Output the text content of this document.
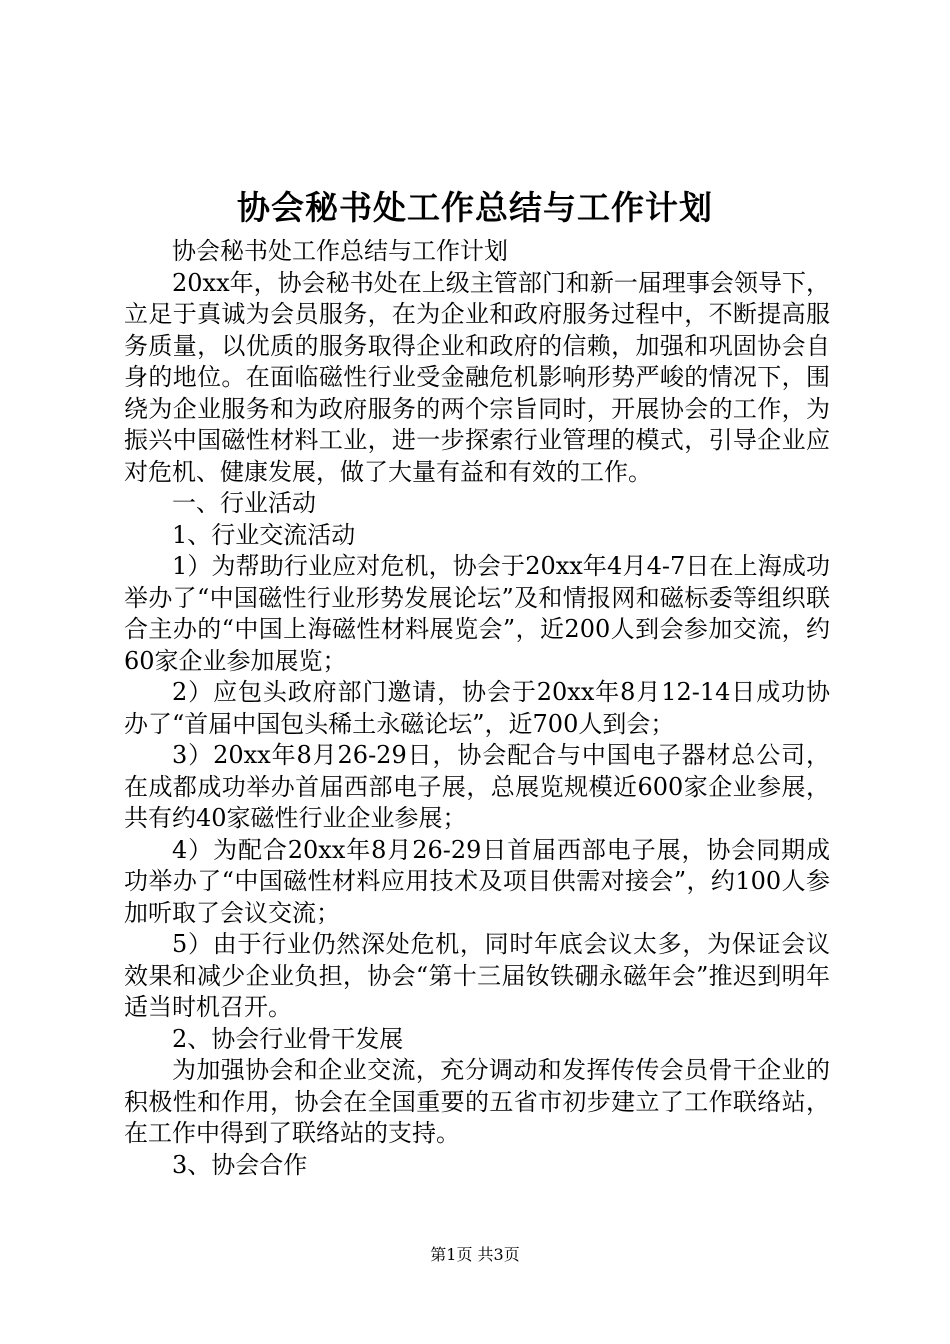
协会秘书处工作总结与工作计划

协会秘书处工作总结与工作计划

20xx年，协会秘书处在上级主管部门和新一届理事会领导下，立足于真诚为会员服务，在为企业和政府服务过程中，不断提高服务质量，以优质的服务取得企业和政府的信赖，加强和巩固协会自身的地位。在面临磁性行业受金融危机影响形势严峻的情况下，围绕为企业服务和为政府服务的两个宗旨同时，开展协会的工作，为振兴中国磁性材料工业，进一步探索行业管理的模式，引导企业应对危机、健康发展，做了大量有益和有效的工作。

一、行业活动

1、行业交流活动

1）为帮助行业应对危机，协会于20xx年4月4-7日在上海成功举办了“中国磁性行业形势发展论坛”及和情报网和磁标委等组织联合主办的“中国上海磁性材料展览会”，近200人到会参加交流，约60家企业参加展览；

2）应包头政府部门邀请，协会于20xx年8月12-14日成功协办了“首届中国包头稀土永磁论坛”，近700人到会；

3）20xx年8月26-29日，协会配合与中国电子器材总公司，在成都成功举办首届西部电子展，总展览规模近600家企业参展，共有约40家磁性行业企业参展；

4）为配合20xx年8月26-29日首届西部电子展，协会同期成功举办了“中国磁性材料应用技术及项目供需对接会”，约100人参加听取了会议交流；

5）由于行业仍然深处危机，同时年底会议太多，为保证会议效果和减少企业负担，协会“第十三届钕铁硼永磁年会”推迟到明年适当时机召开。

2、协会行业骨干发展

为加强协会和企业交流，充分调动和发挥传传会员骨干企业的积极性和作用，协会在全国重要的五省市初步建立了工作联络站，在工作中得到了联络站的支持。

3、协会合作

第1页 共3页
